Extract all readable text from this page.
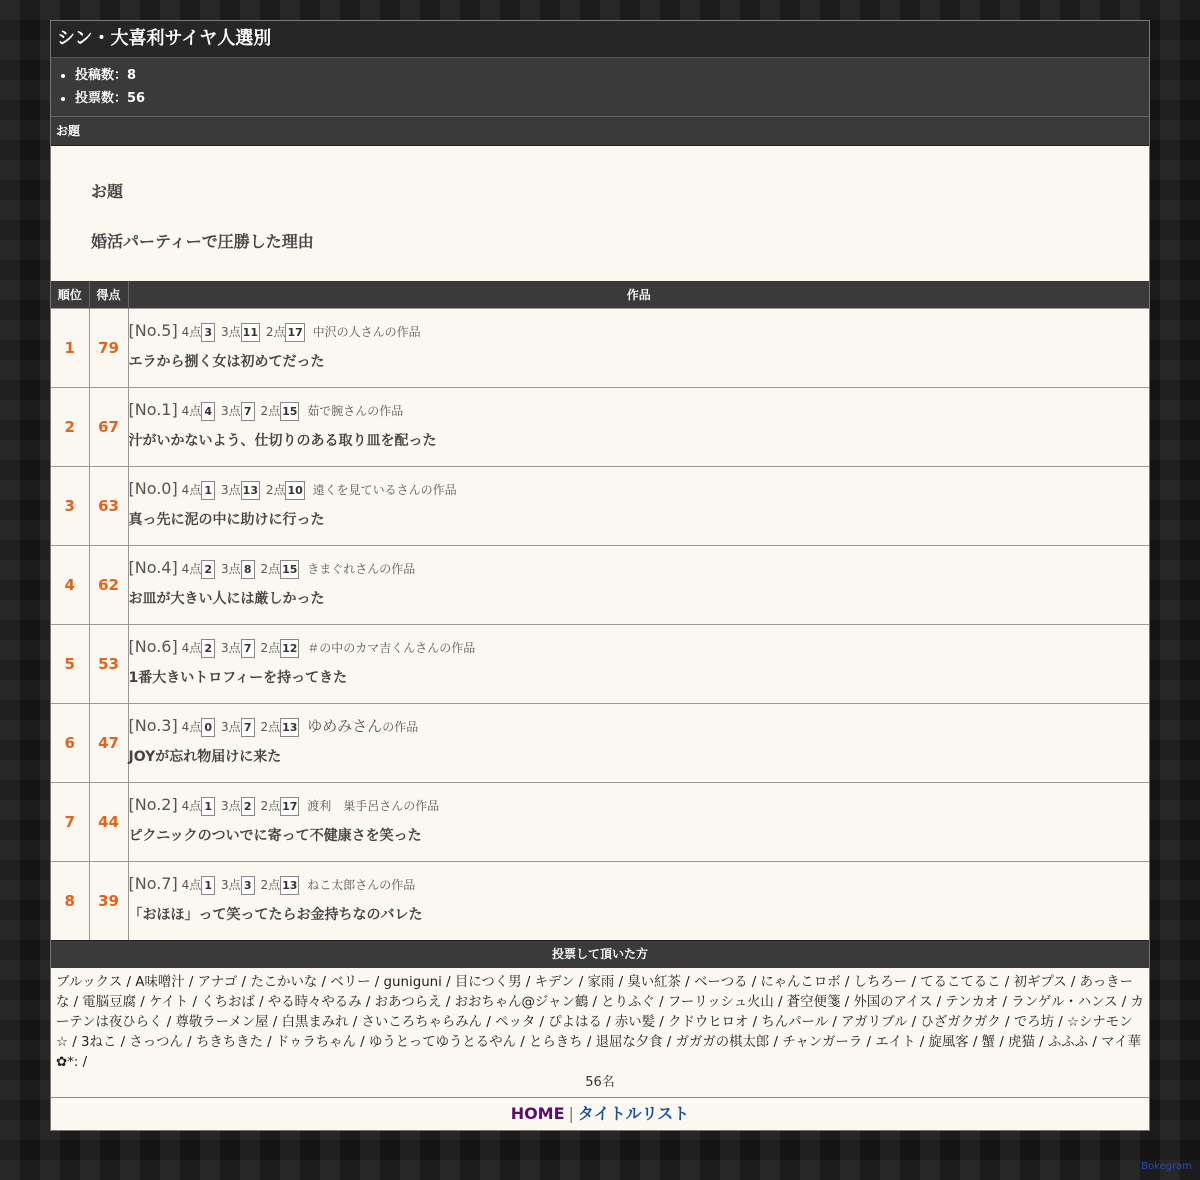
シン・大喜利サイヤ人選別
• 投稿数：8
• 投票数：56
お題
お題
婚活パーティーで圧勝した理由
順位	得点	作品
1	79	[No.5] 4点 3 3点 11 2点 17 中沢の人さんの作品
エラから捌く女は初めてだった

2	67	[No.1] 4点 4 3点 7 2点 15 茹で腕さんの作品
汁がいかないよう、仕切りのある取り皿を配った

3	63	[No.0] 4点 1 3点 13 2点 10 遠くを見ているさんの作品
真っ先に泥の中に助けに行った

4	62	[No.4] 4点 2 3点 8 2点 15 きまぐれさんの作品
お皿が大きい人には厳しかった

5	53	[No.6] 4点 2 3点 7 2点 12 ＃の中のカマ吉くんさんの作品
1番大きいトロフィーを持ってきた

6	47	[No.3] 4点 0 3点 7 2点 13 ゆめみさんの作品
JOYが忘れ物届けに来た

7	44	[No.2] 4点 1 3点 2 2点 17 渡利　巣手呂さんの作品
ピクニックのついでに寄って不健康さを笑った

8	39	[No.7] 4点 1 3点 3 2点 13 ねこ太郎さんの作品
「おほほ」って笑ってたらお金持ちなのバレた
投票して頂いた方
ブルックス / A味噌汁 / アナゴ / たこかいな / ベリー / guniguni / 目につく男 / キデン / 家雨 / 臭い紅茶 / ベーつる / にゃんこロボ / しちろー / てるこてるこ / 初ギプス / あっきーな / 電脳豆腐 / ケイト / くちおば / やる時々やるみ / おあつらえ / おおちゃん@ジャン鶴 / とりふぐ / フーリッシュ火山 / 蒼空便箋 / 外国のアイス / テンカオ / ランゲル・ハンス / カーテンは夜ひらく / 尊敬ラーメン屋 / 白黒まみれ / さいころちゃらみん / ペッタ / ぴよはる / 赤い髪 / クドウヒロオ / ちんパール / アガリブル / ひざガクガク / でろ坊 / ☆シナモン☆ / 3ねこ / さっつん / ちきちきた / ドゥラちゃん / ゆうとってゆうとるやん / とらきち / 退屈な夕食 / ガガガの棋太郎 / チャンガーラ / エイト / 旋風客 / 蟹 / 虎猫 / ふふふ / マイ華✿*: /
56名
HOME | タイトルリスト
Bokegram
